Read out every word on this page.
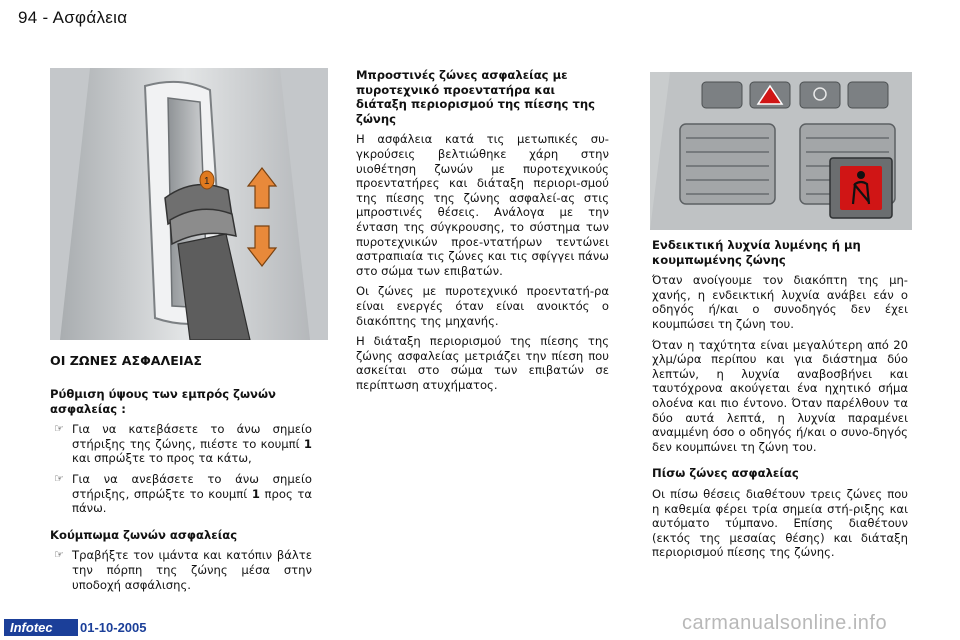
94 - Ασφάλεια
1
ΟΙ ΖΩΝΕΣ ΑΣΦΑΛΕΙΑΣ
Ρύθμιση ύψους των εμπρός ζωνών ασφαλείας :
☞ Για να κατεβάσετε το άνω σημείο στήριξης της ζώνης, πιέστε το κουμπί 1 και σπρώξτε το προς τα κάτω,
☞ Για να ανεβάσετε το άνω σημείο στήριξης, σπρώξτε το κουμπί 1 προς τα πάνω.
Κούμπωμα ζωνών ασφαλείας
☞ Τραβήξτε τον ιμάντα και κατόπιν βάλτε την πόρπη της ζώνης μέσα στην υποδοχή ασφάλισης.
Μπροστινές ζώνες ασφαλείας με πυροτεχνικό προεντατήρα και διάταξη περιορισμού της πίεσης της ζώνης

Η ασφάλεια κατά τις μετωπικές συ-γκρούσεις βελτιώθηκε χάρη στην υιοθέτηση ζωνών με πυροτεχνικούς προεντατήρες και διάταξη περιορι-σμού της πίεσης της ζώνης ασφαλεί-ας στις μπροστινές θέσεις. Ανάλογα με την ένταση της σύγκρουσης, το σύστημα των πυροτεχνικών προε-ντατήρων τεντώνει αστραπιαία τις ζώνες και τις σφίγγει πάνω στο σώμα των επιβατών.

Οι ζώνες με πυροτεχνικό προεντατή-ρα είναι ενεργές όταν είναι ανοικτός ο διακόπτης της μηχανής.

Η διάταξη περιορισμού της πίεσης της ζώνης ασφαλείας μετριάζει την πίεση που ασκείται στο σώμα των επιβατών σε περίπτωση ατυχήματος.

Ενδεικτική λυχνία λυμένης ή μη κουμπωμένης ζώνης

Όταν ανοίγουμε τον διακόπτη της μη-χανής, η ενδεικτική λυχνία ανάβει εάν ο οδηγός ή/και ο συνοδηγός δεν έχει κουμπώσει τη ζώνη του.

Όταν η ταχύτητα είναι μεγαλύτερη από 20 χλμ/ώρα περίπου και για διάστημα δύο λεπτών, η λυχνία αναβοσβήνει και ταυτόχρονα ακούγεται ένα ηχητικό σήμα ολοένα και πιο έντονο. Όταν παρέλθουν τα δύο αυτά λεπτά, η λυχνία παραμένει αναμμένη όσο ο οδηγός ή/και ο συνο-δηγός δεν κουμπώνει τη ζώνη του.

Πίσω ζώνες ασφαλείας

Οι πίσω θέσεις διαθέτουν τρεις ζώνες που η καθεμία φέρει τρία σημεία στή-ριξης και αυτόματο τύμπανο. Επίσης διαθέτουν (εκτός της μεσαίας θέσης) και διάταξη περιορισμού πίεσης της ζώνης.

Infotec	01-10-2005	carmanualsonline.info
